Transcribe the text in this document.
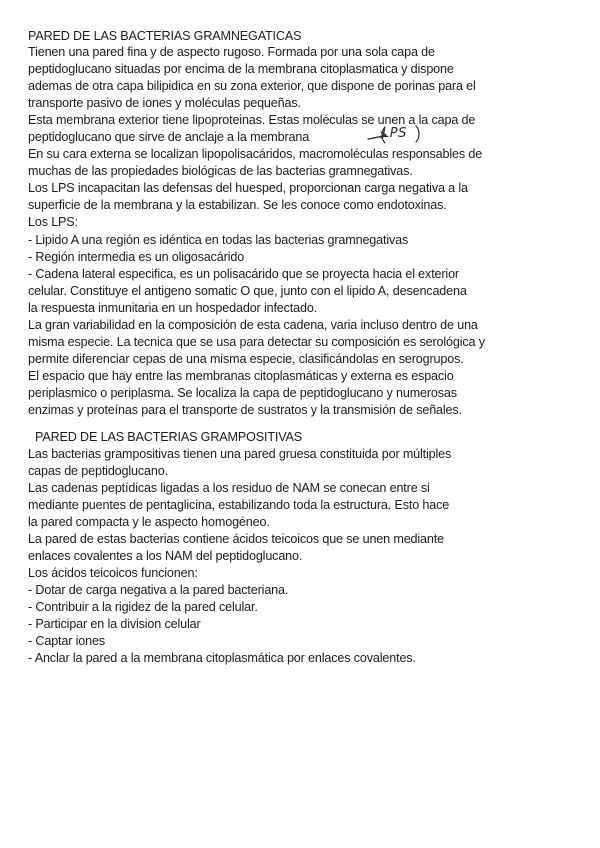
PARED DE LAS BACTERIAS GRAMNEGATICAS
Tienen una pared fina y de aspecto rugoso. Formada por una sola capa de
peptidoglucano situadas por encima de la membrana citoplasmatica y dispone
ademas de otra capa bilipidica en su zona exterior, que dispone de porinas para el
transporte pasivo de iones y moléculas pequeñas.
Esta membrana exterior tiene lipoproteinas. Estas moléculas se unen a la capa de
peptidoglucano que sirve de anclaje a la membrana
En su cara externa se localizan lipopolisacáridos, macromoléculas responsables de
muchas de las propiedades biológicas de las bacterias gramnegativas.
Los LPS incapacitan las defensas del huesped, proporcionan carga negativa a la
superficie de la membrana y la estabilizan. Se les conoce como endotoxinas.
Los LPS:
- Lipido A una región es idéntica en todas las bacterias gramnegativas
- Región intermedia es un oligosacárido
- Cadena lateral especifica, es un polisacárido que se proyecta hacia el exterior
celular. Constituye el antigeno somatic O que, junto con el lipido A, desencadena
la respuesta inmunitaria en un hospedador infectado.
La gran variabilidad en la composición de esta cadena, varia incluso dentro de una
misma especie. La tecnica que se usa para detectar su composición es serológica y
permite diferenciar cepas de una misma especie, clasificándolas en serogrupos.
El espacio que hay entre las membranas citoplasmáticas y externa es espacio
periplasmico o periplasma. Se localiza la capa de peptidoglucano y numerosas
enzimas y proteínas para el transporte de sustratos y la transmisión de señales.
LPS
PARED DE LAS BACTERIAS GRAMPOSITIVAS
Las bacterias grampositivas tienen una pared gruesa constituida por múltiples
capas de peptidoglucano.
Las cadenas peptídicas ligadas a los residuo de NAM se conecan entre si
mediante puentes de pentaglicina, estabilizando toda la estructura. Esto hace
la pared compacta y le aspecto homogéneo.
La pared de estas bacterias contiene ácidos teicoicos que se unen mediante
enlaces covalentes a los NAM del peptidoglucano.
Los ácidos teicoicos funcionen:
- Dotar de carga negativa a la pared bacteriana.
- Contribuir a la rigidez de la pared celular.
- Participar en la division celular
- Captar iones
- Anclar la pared a la membrana citoplasmática por enlaces covalentes.
